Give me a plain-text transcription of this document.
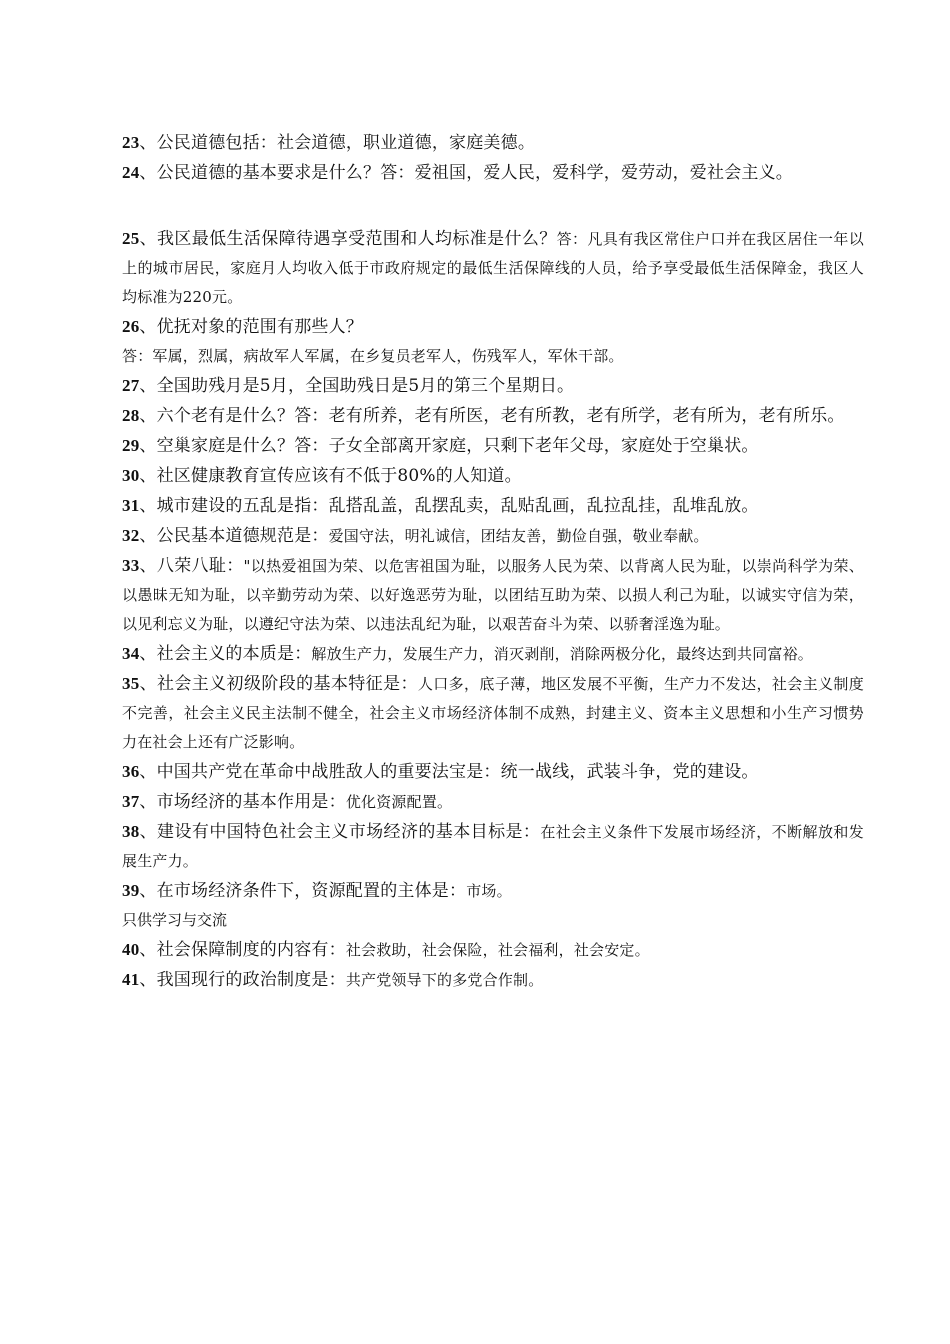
23、公民道德包括：社会道德，职业道德，家庭美德。

24、公民道德的基本要求是什么？答：爱祖国，爱人民，爱科学，爱劳动，爱社会主义。

25、我区最低生活保障待遇享受范围和人均标准是什么？答：凡具有我区常住户口并在我区居住一年以上的城市居民，家庭月人均收入低于市政府规定的最低生活保障线的人员，给予享受最低生活保障金，我区人均标准为220元。

26、优抚对象的范围有那些人？

答：军属，烈属，病故军人军属，在乡复员老军人，伤残军人，军休干部。

27、全国助残月是5月，全国助残日是5月的第三个星期日。

28、六个老有是什么？答：老有所养，老有所医，老有所教，老有所学，老有所为，老有所乐。

29、空巢家庭是什么？答：子女全部离开家庭，只剩下老年父母，家庭处于空巢状。

30、社区健康教育宣传应该有不低于80%的人知道。

31、城市建设的五乱是指：乱搭乱盖，乱摆乱卖，乱贴乱画，乱拉乱挂，乱堆乱放。

32、公民基本道德规范是：爱国守法，明礼诚信，团结友善，勤俭自强，敬业奉献。

33、八荣八耻："以热爱祖国为荣、以危害祖国为耻，以服务人民为荣、以背离人民为耻，以崇尚科学为荣、以愚昧无知为耻，以辛勤劳动为荣、以好逸恶劳为耻，以团结互助为荣、以损人利己为耻，以诚实守信为荣，以见利忘义为耻，以遵纪守法为荣、以违法乱纪为耻，以艰苦奋斗为荣、以骄奢淫逸为耻。

34、社会主义的本质是：解放生产力，发展生产力，消灭剥削，消除两极分化，最终达到共同富裕。

35、社会主义初级阶段的基本特征是：人口多，底子薄，地区发展不平衡，生产力不发达，社会主义制度不完善，社会主义民主法制不健全，社会主义市场经济体制不成熟，封建主义、资本主义思想和小生产习惯势力在社会上还有广泛影响。

36、中国共产党在革命中战胜敌人的重要法宝是：统一战线，武装斗争，党的建设。

37、市场经济的基本作用是：优化资源配置。

38、建设有中国特色社会主义市场经济的基本目标是：在社会主义条件下发展市场经济，不断解放和发展生产力。

39、在市场经济条件下，资源配置的主体是：市场。

只供学习与交流

40、社会保障制度的内容有：社会救助，社会保险，社会福利，社会安定。

41、我国现行的政治制度是：共产党领导下的多党合作制。
